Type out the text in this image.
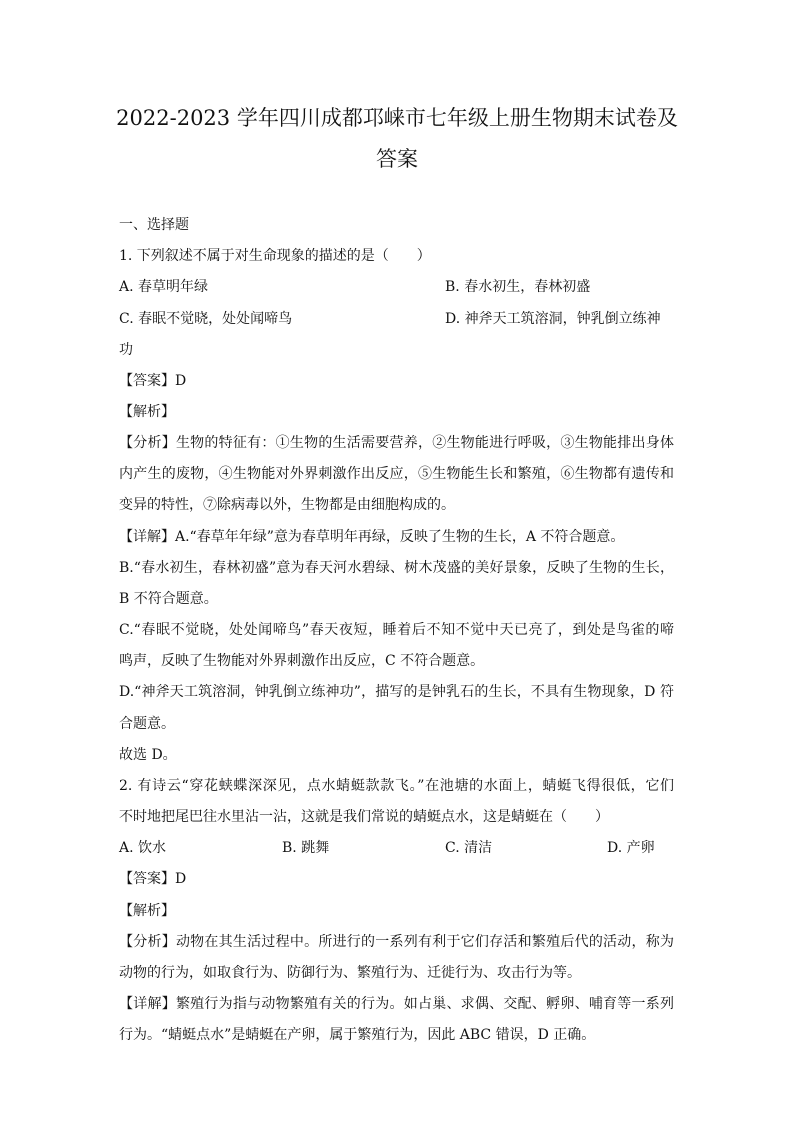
2022-2023 学年四川成都邛崃市七年级上册生物期末试卷及
答案
一、选择题
1. 下列叙述不属于对生命现象的描述的是（　　）
A. 春草明年绿	B. 春水初生，春林初盛
C. 春眠不觉晓，处处闻啼鸟	D. 神斧天工筑溶洞，钟乳倒立练神
功
【答案】D
【解析】
【分析】生物的特征有：①生物的生活需要营养，②生物能进行呼吸，③生物能排出身体
内产生的废物，④生物能对外界刺激作出反应，⑤生物能生长和繁殖，⑥生物都有遗传和
变异的特性，⑦除病毒以外，生物都是由细胞构成的。
【详解】A.“春草年年绿”意为春草明年再绿，反映了生物的生长，A 不符合题意。
B.“春水初生，春林初盛”意为春天河水碧绿、树木茂盛的美好景象，反映了生物的生长，
B 不符合题意。
C.“春眠不觉晓，处处闻啼鸟”春天夜短，睡着后不知不觉中天已亮了，到处是鸟雀的啼
鸣声，反映了生物能对外界刺激作出反应，C 不符合题意。
D.“神斧天工筑溶洞，钟乳倒立练神功”，描写的是钟乳石的生长，不具有生物现象，D 符
合题意。
故选 D。
2. 有诗云“穿花蛱蝶深深见，点水蜻蜓款款飞。”在池塘的水面上，蜻蜓飞得很低，它们
不时地把尾巴往水里沾一沾，这就是我们常说的蜻蜓点水，这是蜻蜓在（　　）
A. 饮水	B. 跳舞	C. 清洁	D. 产卵
【答案】D
【解析】
【分析】动物在其生活过程中。所进行的一系列有利于它们存活和繁殖后代的活动，称为
动物的行为，如取食行为、防御行为、繁殖行为、迁徙行为、攻击行为等。
【详解】繁殖行为指与动物繁殖有关的行为。如占巢、求偶、交配、孵卵、哺育等一系列
行为。“蜻蜓点水”是蜻蜓在产卵，属于繁殖行为，因此 ABC 错误，D 正确。
